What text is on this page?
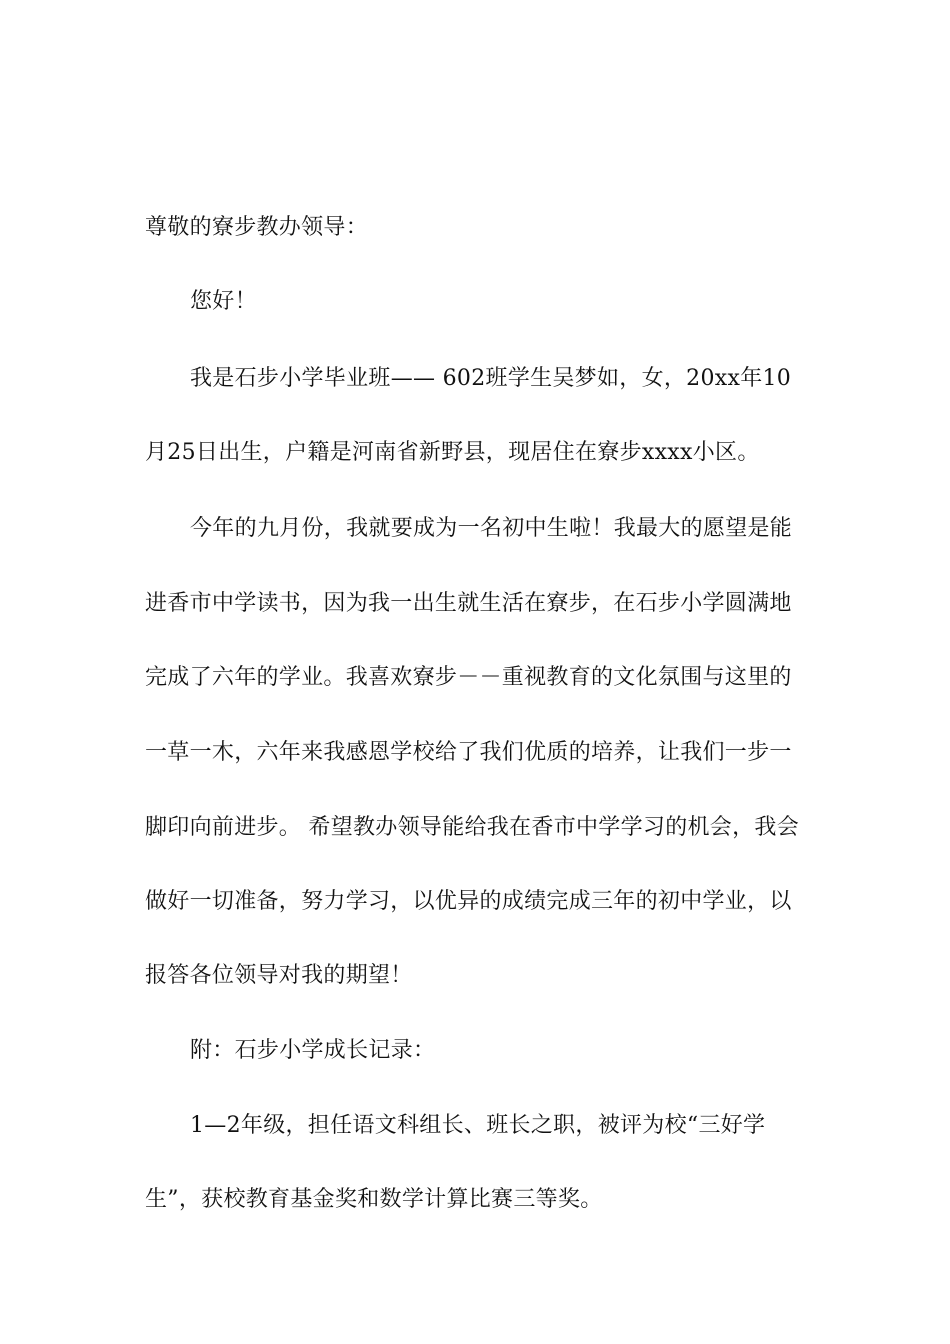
尊敬的寮步教办领导：
您好！
我是石步小学毕业班—— 602班学生吴梦如，女，20xx年10
月25日出生，户籍是河南省新野县，现居住在寮步xxxx小区。
今年的九月份，我就要成为一名初中生啦！我最大的愿望是能
进香市中学读书，因为我一出生就生活在寮步，在石步小学圆满地
完成了六年的学业。我喜欢寮步－－重视教育的文化氛围与这里的
一草一木，六年来我感恩学校给了我们优质的培养，让我们一步一
脚印向前进步。 希望教办领导能给我在香市中学学习的机会，我会
做好一切准备，努力学习，以优异的成绩完成三年的初中学业，以
报答各位领导对我的期望！
附：石步小学成长记录：
1—2年级，担任语文科组长、班长之职，被评为校“三好学
生”，获校教育基金奖和数学计算比赛三等奖。
